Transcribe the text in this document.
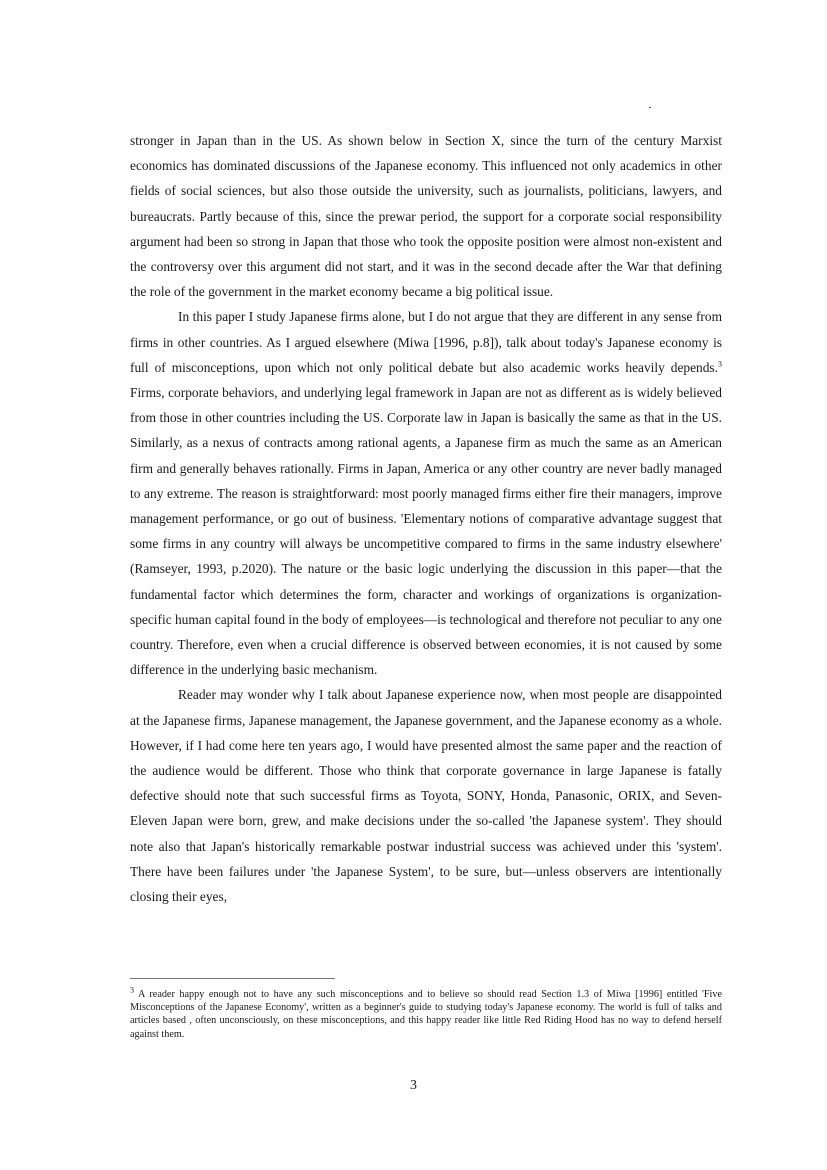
stronger in Japan than in the US. As shown below in Section X, since the turn of the century Marxist economics has dominated discussions of the Japanese economy. This influenced not only academics in other fields of social sciences, but also those outside the university, such as journalists, politicians, lawyers, and bureaucrats. Partly because of this, since the prewar period, the support for a corporate social responsibility argument had been so strong in Japan that those who took the opposite position were almost non-existent and the controversy over this argument did not start, and it was in the second decade after the War that defining the role of the government in the market economy became a big political issue.

In this paper I study Japanese firms alone, but I do not argue that they are different in any sense from firms in other countries. As I argued elsewhere (Miwa [1996, p.8]), talk about today's Japanese economy is full of misconceptions, upon which not only political debate but also academic works heavily depends.$^3$ Firms, corporate behaviors, and underlying legal framework in Japan are not as different as is widely believed from those in other countries including the US. Corporate law in Japan is basically the same as that in the US. Similarly, as a nexus of contracts among rational agents, a Japanese firm as much the same as an American firm and generally behaves rationally. Firms in Japan, America or any other country are never badly managed to any extreme. The reason is straightforward: most poorly managed firms either fire their managers, improve management performance, or go out of business. 'Elementary notions of comparative advantage suggest that some firms in any country will always be uncompetitive compared to firms in the same industry elsewhere' (Ramseyer, 1993, p.2020). The nature or the basic logic underlying the discussion in this paper—that the fundamental factor which determines the form, character and workings of organizations is organization-specific human capital found in the body of employees—is technological and therefore not peculiar to any one country. Therefore, even when a crucial difference is observed between economies, it is not caused by some difference in the underlying basic mechanism.

Reader may wonder why I talk about Japanese experience now, when most people are disappointed at the Japanese firms, Japanese management, the Japanese government, and the Japanese economy as a whole. However, if I had come here ten years ago, I would have presented almost the same paper and the reaction of the audience would be different. Those who think that corporate governance in large Japanese is fatally defective should note that such successful firms as Toyota, SONY, Honda, Panasonic, ORIX, and Seven-Eleven Japan were born, grew, and make decisions under the so-called 'the Japanese system'. They should note also that Japan's historically remarkable postwar industrial success was achieved under this 'system'. There have been failures under 'the Japanese System', to be sure, but—unless observers are intentionally closing their eyes,

$^3$ A reader happy enough not to have any such misconceptions and to believe so should read Section 1.3 of Miwa [1996] entitled 'Five Misconceptions of the Japanese Economy', written as a beginner's guide to studying today's Japanese economy. The world is full of talks and articles based , often unconsciously, on these misconceptions, and this happy reader like little Red Riding Hood has no way to defend herself against them.

3
